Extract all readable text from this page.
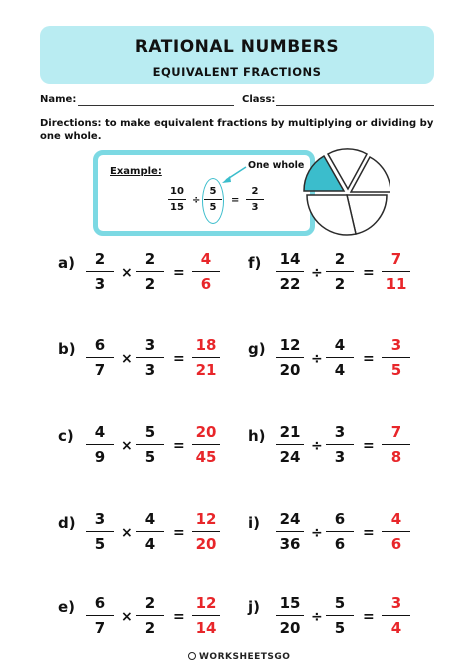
RATIONAL NUMBERS
EQUIVALENT FRACTIONS
Name:	Class:
Directions: to make equivalent fractions by multiplying or dividing by one whole.
Example:
One whole
10
15
÷
5
5
=
2
3
a)	2
3
×
2
2
=
4
6
b)	6
7
×
3
3
=
18
21
c)	4
9
×
5
5
=
20
45
d)	3
5
×
4
4
=
12
20
e)	6
7
×
2
2
=
12
14
f)	14
22
÷
2
2
=
7
11
g) 12
20
÷
4
4
=
3
5
h) 21
24
÷
3
3
=
7
8
i)	24
36
÷
6
6
=
4
6
j)	15
20
÷
5
5
=
3
4
WORKSHEETSGO
